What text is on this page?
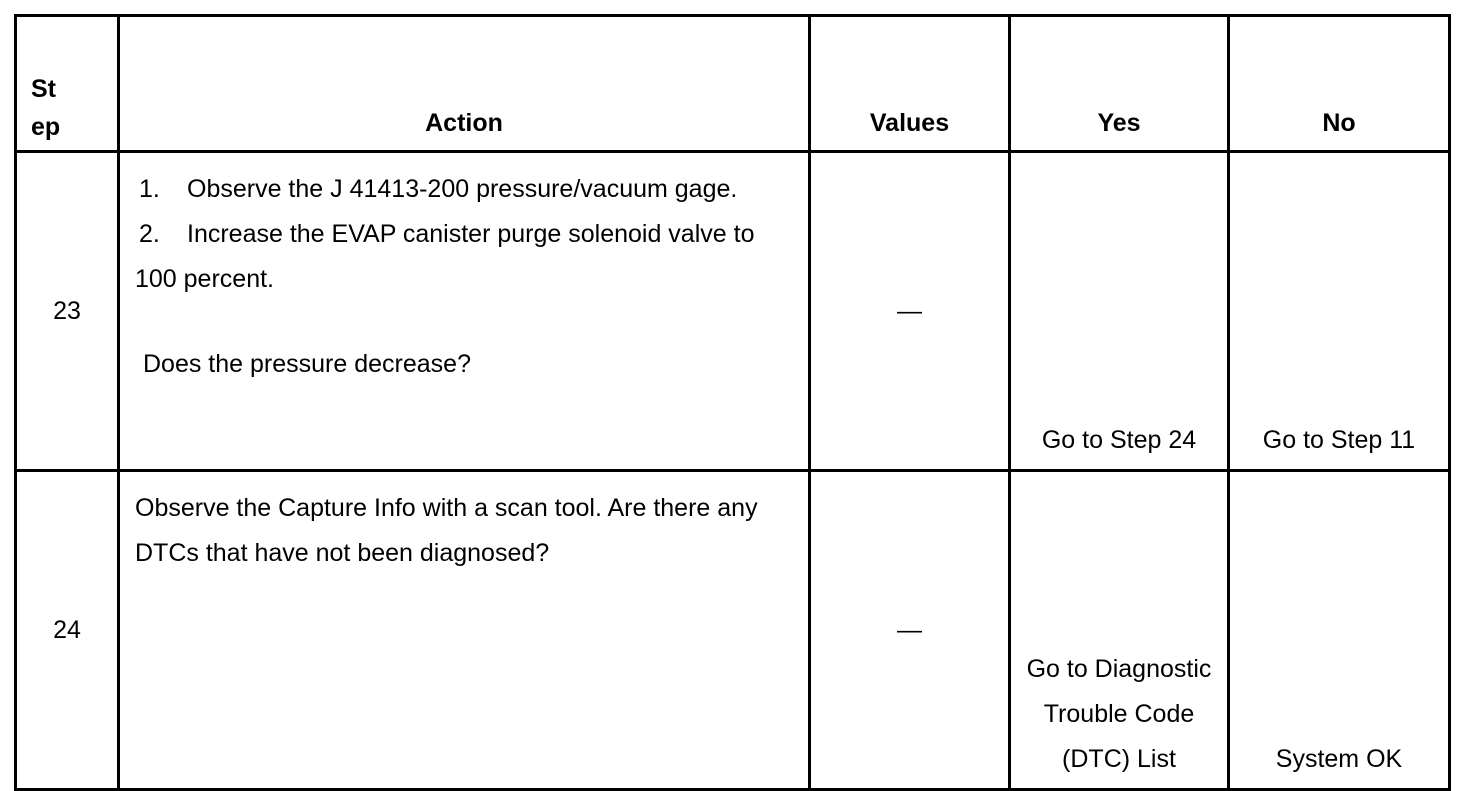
St
ep	Action	Values	Yes	No
23	1. Observe the J 41413-200 pressure/vacuum gage.
2. Increase the EVAP canister purge solenoid valve to 100 percent.
Does the pressure decrease?	—	Go to Step 24	Go to Step 11
24	Observe the Capture Info with a scan tool. Are there any DTCs that have not been diagnosed?	—	Go to Diagnostic Trouble Code (DTC) List	System OK
